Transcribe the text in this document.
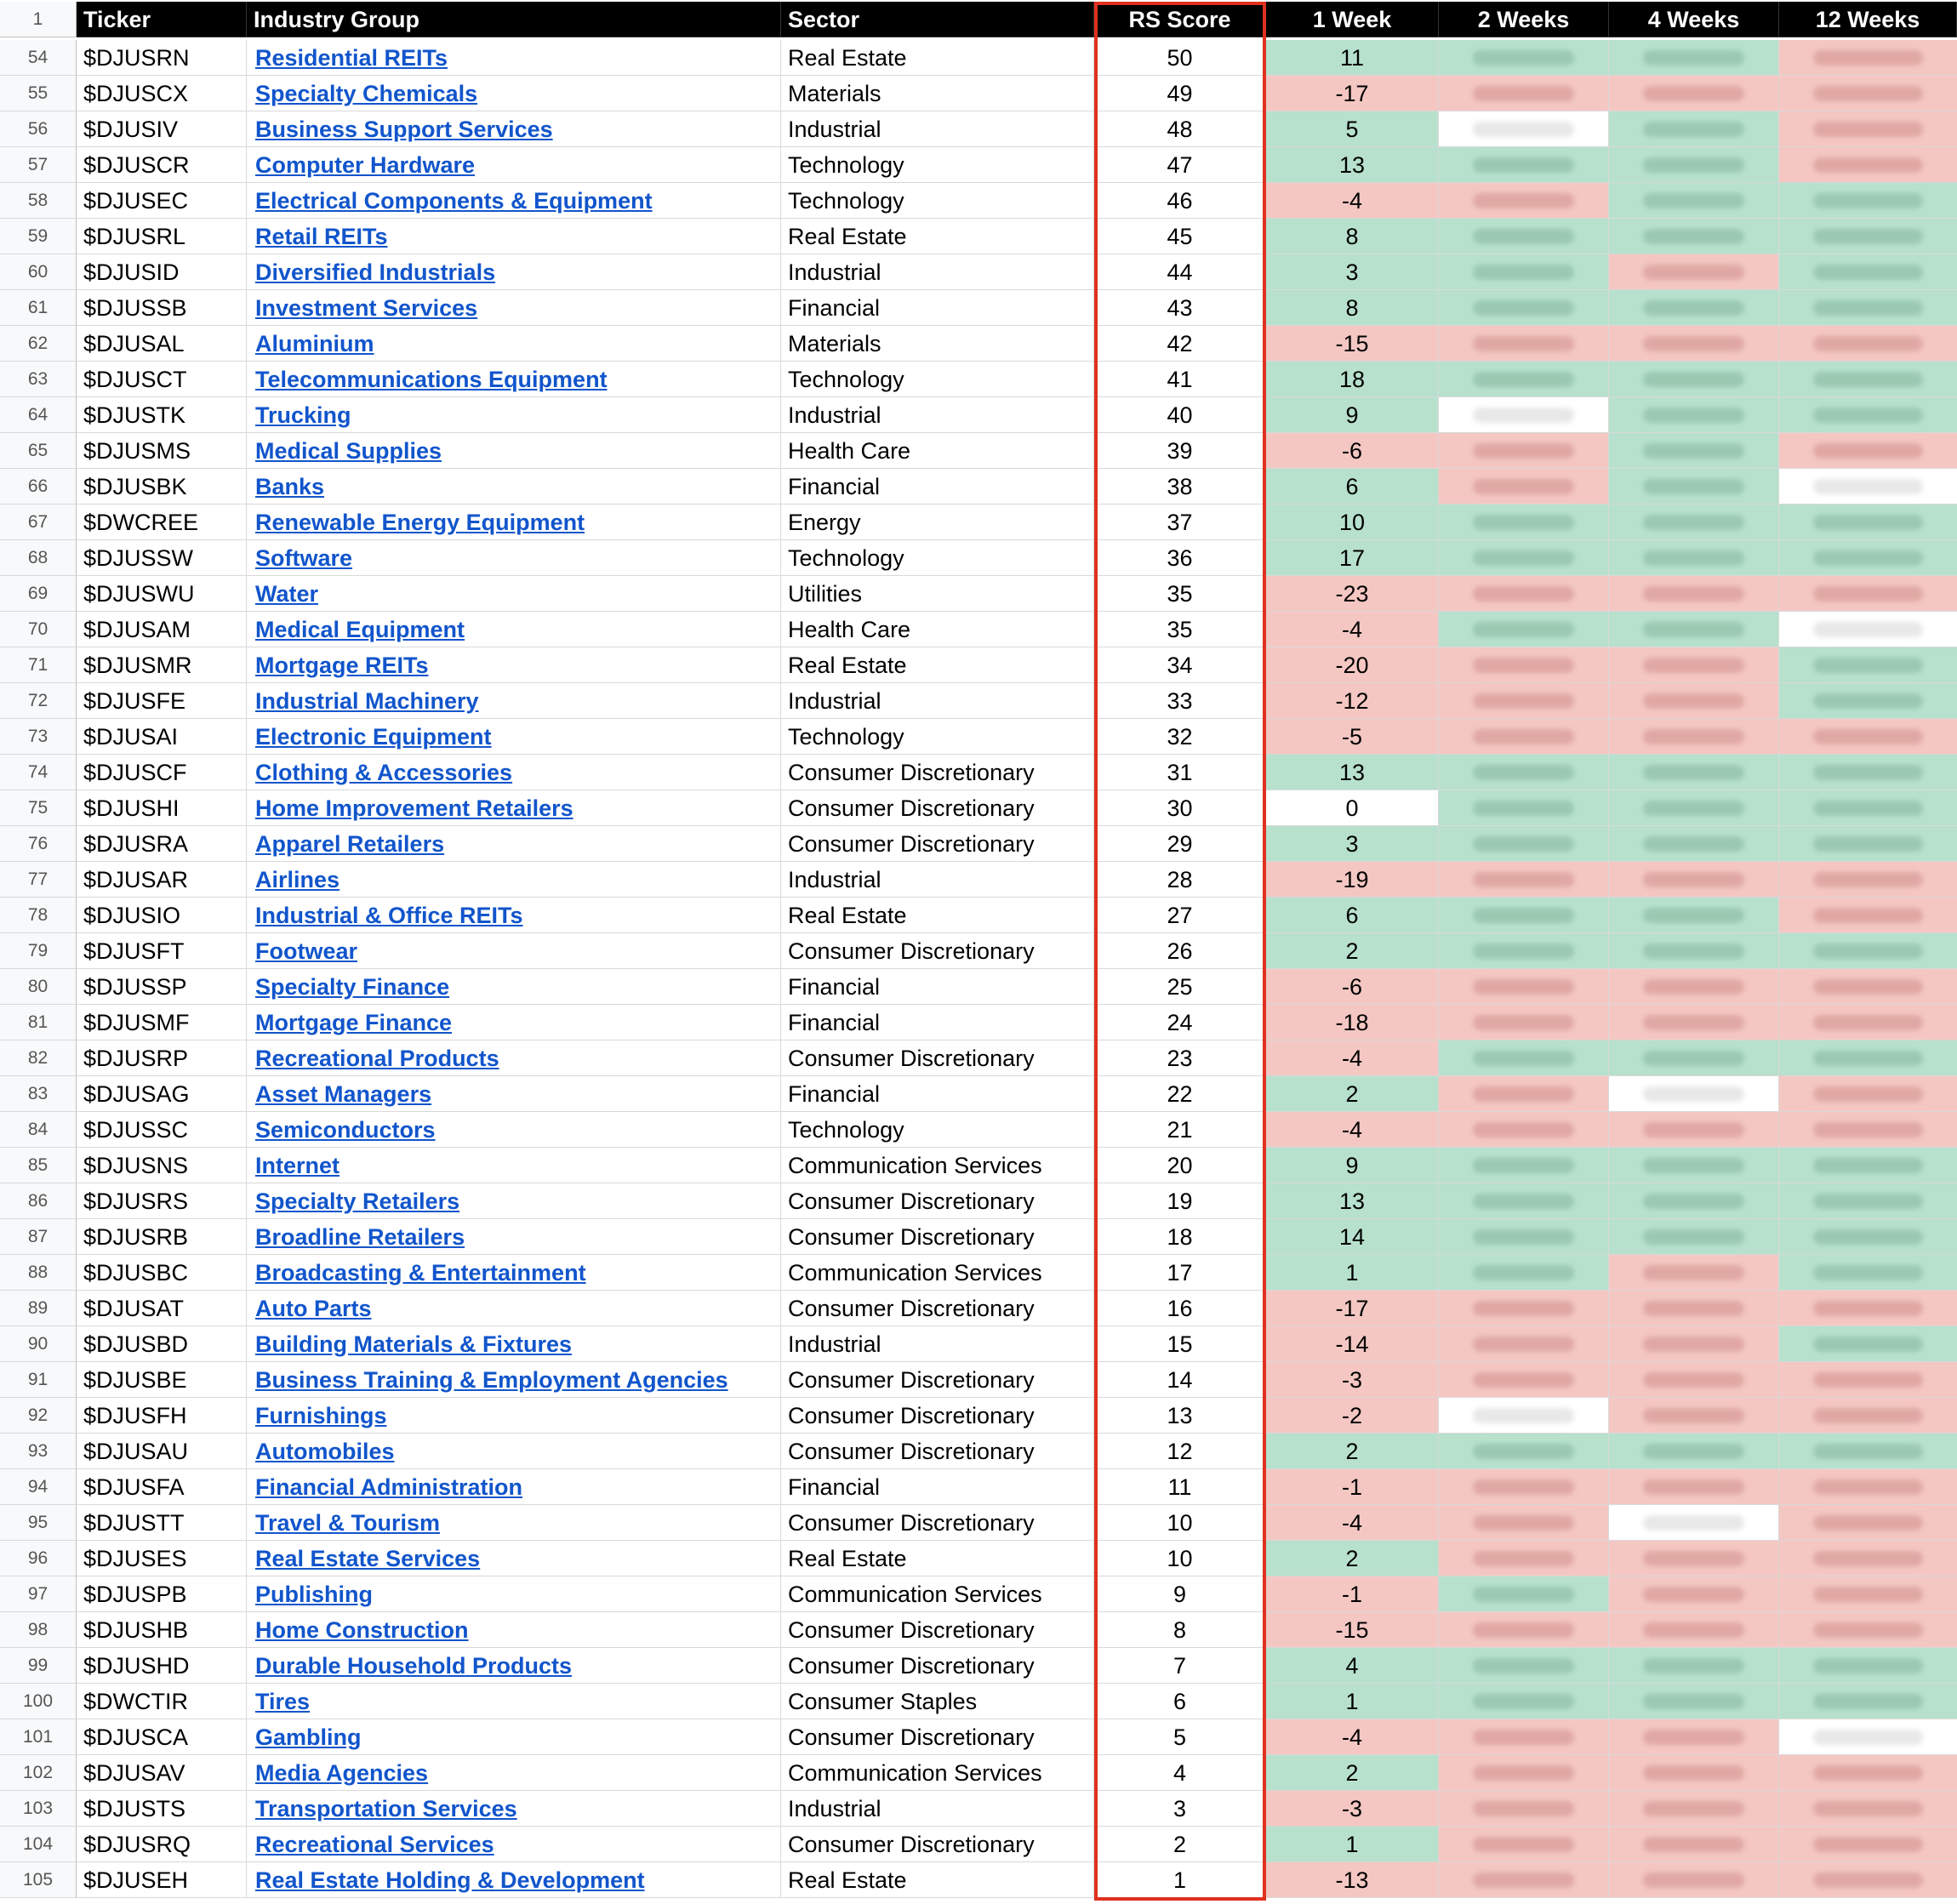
1	Ticker	Industry Group	Sector	RS Score	1 Week	2 Weeks	4 Weeks	12 Weeks
54	$DJUSRN	Residential REITs	Real Estate	50	11
55	$DJUSCX	Specialty Chemicals	Materials	49	-17
56	$DJUSIV	Business Support Services	Industrial	48	5
57	$DJUSCR	Computer Hardware	Technology	47	13
58	$DJUSEC	Electrical Components & Equipment	Technology	46	-4
59	$DJUSRL	Retail REITs	Real Estate	45	8
60	$DJUSID	Diversified Industrials	Industrial	44	3
61	$DJUSSB	Investment Services	Financial	43	8
62	$DJUSAL	Aluminium	Materials	42	-15
63	$DJUSCT	Telecommunications Equipment	Technology	41	18
64	$DJUSTK	Trucking	Industrial	40	9
65	$DJUSMS	Medical Supplies	Health Care	39	-6
66	$DJUSBK	Banks	Financial	38	6
67	$DWCREE	Renewable Energy Equipment	Energy	37	10
68	$DJUSSW	Software	Technology	36	17
69	$DJUSWU	Water	Utilities	35	-23
70	$DJUSAM	Medical Equipment	Health Care	35	-4
71	$DJUSMR	Mortgage REITs	Real Estate	34	-20
72	$DJUSFE	Industrial Machinery	Industrial	33	-12
73	$DJUSAI	Electronic Equipment	Technology	32	-5
74	$DJUSCF	Clothing & Accessories	Consumer Discretionary	31	13
75	$DJUSHI	Home Improvement Retailers	Consumer Discretionary	30	0
76	$DJUSRA	Apparel Retailers	Consumer Discretionary	29	3
77	$DJUSAR	Airlines	Industrial	28	-19
78	$DJUSIO	Industrial & Office REITs	Real Estate	27	6
79	$DJUSFT	Footwear	Consumer Discretionary	26	2
80	$DJUSSP	Specialty Finance	Financial	25	-6
81	$DJUSMF	Mortgage Finance	Financial	24	-18
82	$DJUSRP	Recreational Products	Consumer Discretionary	23	-4
83	$DJUSAG	Asset Managers	Financial	22	2
84	$DJUSSC	Semiconductors	Technology	21	-4
85	$DJUSNS	Internet	Communication Services	20	9
86	$DJUSRS	Specialty Retailers	Consumer Discretionary	19	13
87	$DJUSRB	Broadline Retailers	Consumer Discretionary	18	14
88	$DJUSBC	Broadcasting & Entertainment	Communication Services	17	1
89	$DJUSAT	Auto Parts	Consumer Discretionary	16	-17
90	$DJUSBD	Building Materials & Fixtures	Industrial	15	-14
91	$DJUSBE	Business Training & Employment Agencies	Consumer Discretionary	14	-3
92	$DJUSFH	Furnishings	Consumer Discretionary	13	-2
93	$DJUSAU	Automobiles	Consumer Discretionary	12	2
94	$DJUSFA	Financial Administration	Financial	11	-1
95	$DJUSTT	Travel & Tourism	Consumer Discretionary	10	-4
96	$DJUSES	Real Estate Services	Real Estate	10	2
97	$DJUSPB	Publishing	Communication Services	9	-1
98	$DJUSHB	Home Construction	Consumer Discretionary	8	-15
99	$DJUSHD	Durable Household Products	Consumer Discretionary	7	4
100	$DWCTIR	Tires	Consumer Staples	6	1
101	$DJUSCA	Gambling	Consumer Discretionary	5	-4
102	$DJUSAV	Media Agencies	Communication Services	4	2
103	$DJUSTS	Transportation Services	Industrial	3	-3
104	$DJUSRQ	Recreational Services	Consumer Discretionary	2	1
105	$DJUSEH	Real Estate Holding & Development	Real Estate	1	-13
